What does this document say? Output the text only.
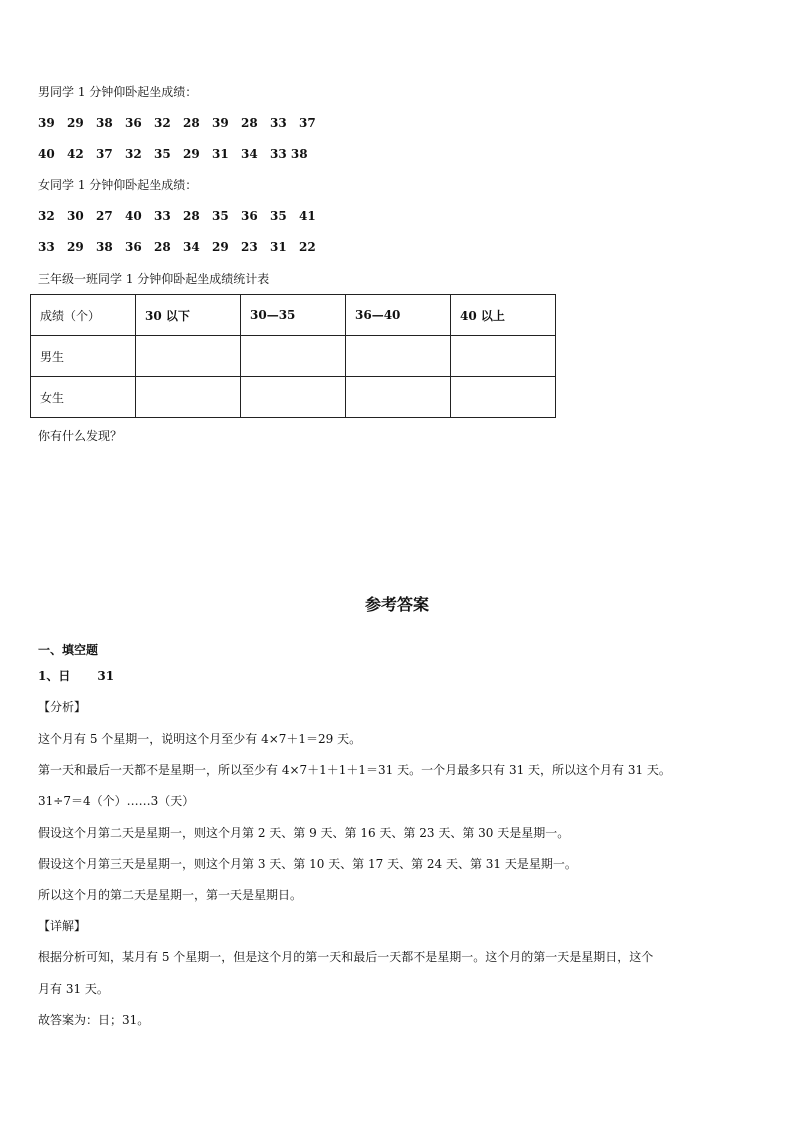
男同学 1 分钟仰卧起坐成绩：
39 29 38 36 32 28 39 28 33 37
40 42 37 32 35 29 31 34 33 38
女同学 1 分钟仰卧起坐成绩：
32 30 27 40 33 28 35 36 35 41
33 29 38 36 28 34 29 23 31 22
三年级一班同学 1 分钟仰卧起坐成绩统计表
成绩（个）	30 以下	30—35	36—40	40 以上
男生				
女生				
你有什么发现？
参考答案
一、填空题
1、日 31
【分析】
这个月有 5 个星期一，说明这个月至少有 4×7＋1＝29 天。
第一天和最后一天都不是星期一，所以至少有 4×7＋1＋1＋1＝31 天。一个月最多只有 31 天，所以这个月有 31 天。
31÷7＝4（个）……3（天）
假设这个月第二天是星期一，则这个月第 2 天、第 9 天、第 16 天、第 23 天、第 30 天是星期一。
假设这个月第三天是星期一，则这个月第 3 天、第 10 天、第 17 天、第 24 天、第 31 天是星期一。
所以这个月的第二天是星期一，第一天是星期日。
【详解】
根据分析可知，某月有 5 个星期一，但是这个月的第一天和最后一天都不是星期一。这个月的第一天是星期日，这个
月有 31 天。
故答案为：日；31。
